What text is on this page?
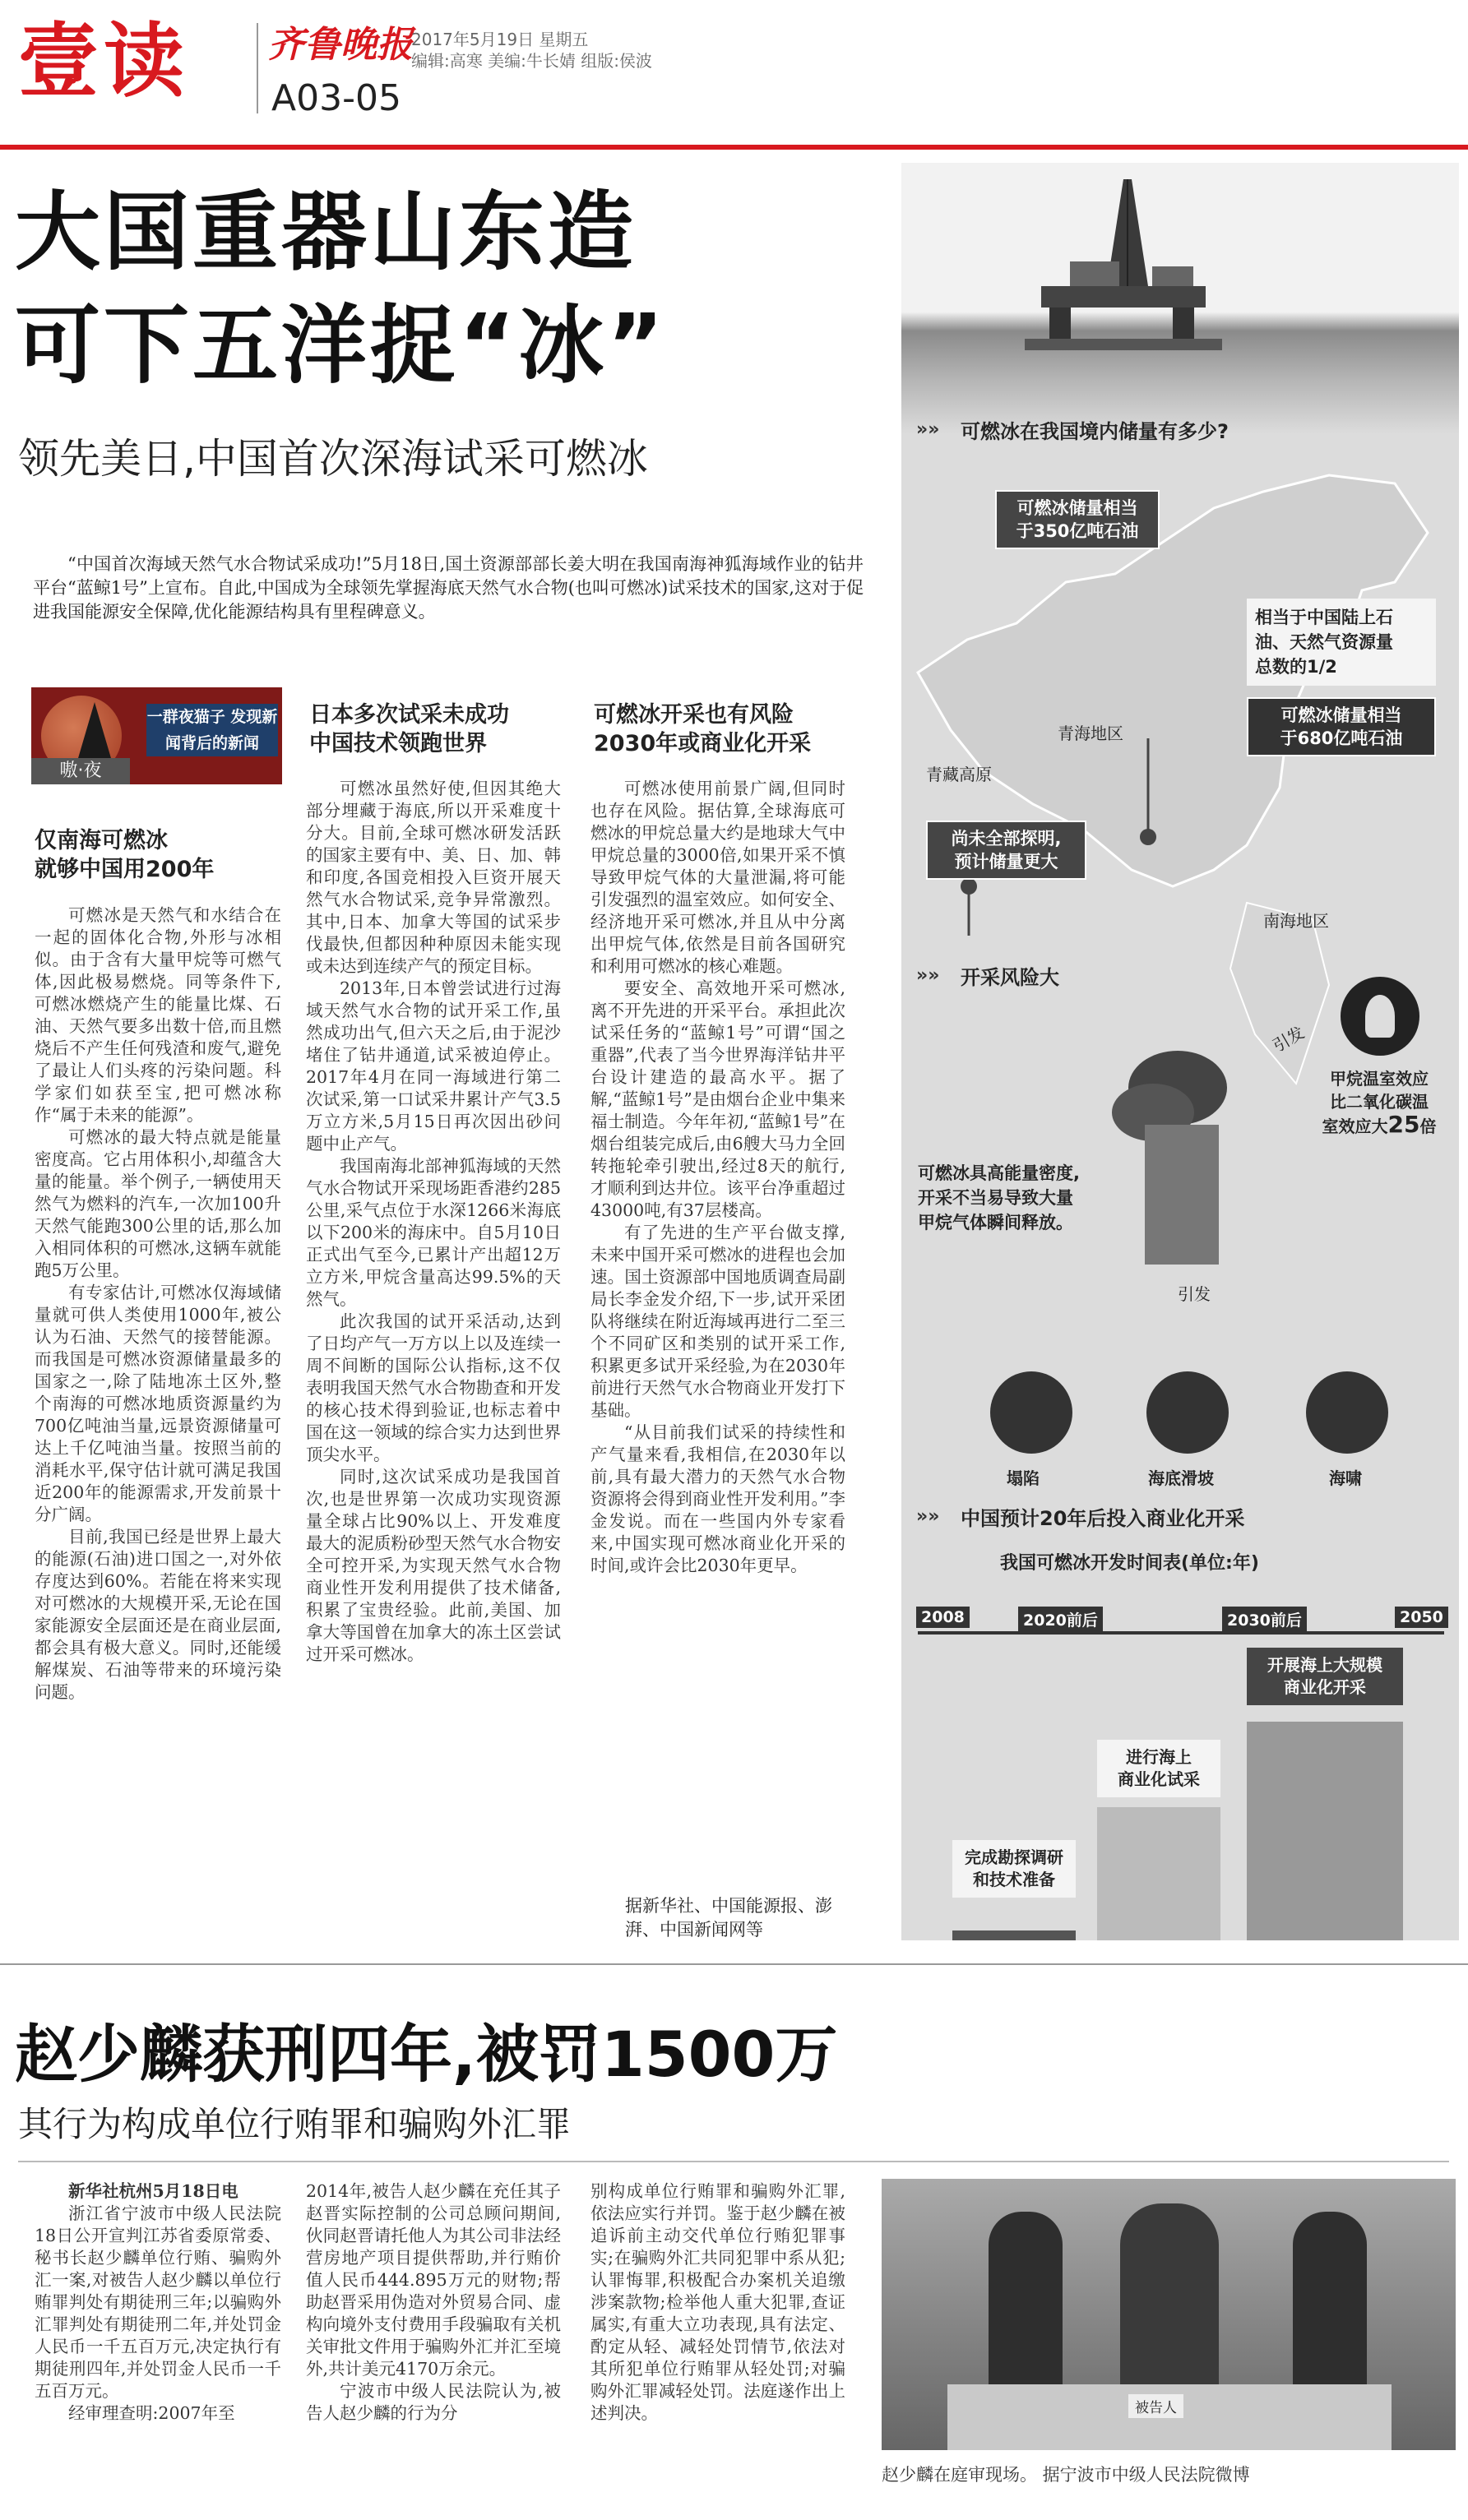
壹读 齐鲁晚报
A03-05
2017年5月19日 星期五
编辑:高寒 美编:牛长婧 组版:侯波
大国重器山东造
可下五洋捉“冰”
领先美日,中国首次深海试采可燃冰
“中国首次海域天然气水合物试采成功!”5月18日,国土资源部部长姜大明在我国南海神狐海域作业的钻井平台“蓝鲸1号”上宣布。自此,中国成为全球领先掌握海底天然气水合物(也叫可燃冰)试采技术的国家,这对于促进我国能源安全保障,优化能源结构具有里程碑意义。
一群夜猫子 发现新闻背后的新闻
嗷·夜
仅南海可燃冰
就够中国用200年
日本多次试采未成功
中国技术领跑世界
可燃冰开采也有风险
2030年或商业化开采

可燃冰是天然气和水结合在一起的固体化合物,外形与冰相似。由于含有大量甲烷等可燃气体,因此极易燃烧。同等条件下,可燃冰燃烧产生的能量比煤、石油、天然气要多出数十倍,而且燃烧后不产生任何残渣和废气,避免了最让人们头疼的污染问题。科学家们如获至宝,把可燃冰称作“属于未来的能源”。

可燃冰的最大特点就是能量密度高。它占用体积小,却蕴含大量的能量。举个例子,一辆使用天然气为燃料的汽车,一次加100升天然气能跑300公里的话,那么加入相同体积的可燃冰,这辆车就能跑5万公里。

有专家估计,可燃冰仅海域储量就可供人类使用1000年,被公认为石油、天然气的接替能源。而我国是可燃冰资源储量最多的国家之一,除了陆地冻土区外,整个南海的可燃冰地质资源量约为700亿吨油当量,远景资源储量可达上千亿吨油当量。按照当前的消耗水平,保守估计就可满足我国近200年的能源需求,开发前景十分广阔。

目前,我国已经是世界上最大的能源(石油)进口国之一,对外依存度达到60%。若能在将来实现对可燃冰的大规模开采,无论在国家能源安全层面还是在商业层面,都会具有极大意义。同时,还能缓解煤炭、石油等带来的环境污染问题。

可燃冰虽然好使,但因其绝大部分埋藏于海底,所以开采难度十分大。目前,全球可燃冰研发活跃的国家主要有中、美、日、加、韩和印度,各国竞相投入巨资开展天然气水合物试采,竞争异常激烈。其中,日本、加拿大等国的试采步伐最快,但都因种种原因未能实现或未达到连续产气的预定目标。

2013年,日本曾尝试进行过海域天然气水合物的试开采工作,虽然成功出气,但六天之后,由于泥沙堵住了钻井通道,试采被迫停止。2017年4月在同一海域进行第二次试采,第一口试采井累计产气3.5万立方米,5月15日再次因出砂问题中止产气。

我国南海北部神狐海域的天然气水合物试开采现场距香港约285公里,采气点位于水深1266米海底以下200米的海床中。自5月10日正式出气至今,已累计产出超12万立方米,甲烷含量高达99.5%的天然气。

此次我国的试开采活动,达到了日均产气一万方以上以及连续一周不间断的国际公认指标,这不仅表明我国天然气水合物勘查和开发的核心技术得到验证,也标志着中国在这一领域的综合实力达到世界顶尖水平。

同时,这次试采成功是我国首次,也是世界第一次成功实现资源量全球占比90%以上、开发难度最大的泥质粉砂型天然气水合物安全可控开采,为实现天然气水合物商业性开发利用提供了技术储备,积累了宝贵经验。此前,美国、加拿大等国曾在加拿大的冻土区尝试过开采可燃冰。

可燃冰使用前景广阔,但同时也存在风险。据估算,全球海底可燃冰的甲烷总量大约是地球大气中甲烷总量的3000倍,如果开采不慎导致甲烷气体的大量泄漏,将可能引发强烈的温室效应。如何安全、经济地开采可燃冰,并且从中分离出甲烷气体,依然是目前各国研究和利用可燃冰的核心难题。

要安全、高效地开采可燃冰,离不开先进的开采平台。承担此次试采任务的“蓝鲸1号”可谓“国之重器”,代表了当今世界海洋钻井平台设计建造的最高水平。据了解,“蓝鲸1号”是由烟台企业中集来福士制造。今年年初,“蓝鲸1号”在烟台组装完成后,由6艘大马力全回转拖轮牵引驶出,经过8天的航行,才顺利到达井位。该平台净重超过43000吨,有37层楼高。

有了先进的生产平台做支撑,未来中国开采可燃冰的进程也会加速。国土资源部中国地质调查局副局长李金发介绍,下一步,试开采团队将继续在附近海域再进行二至三个不同矿区和类别的试开采工作,积累更多试开采经验,为在2030年前进行天然气水合物商业开发打下基础。

“从目前我们试采的持续性和产气量来看,我相信,在2030年以前,具有最大潜力的天然气水合物资源将会得到商业性开发利用。”李金发说。而在一些国内外专家看来,中国实现可燃冰商业化开采的时间,或许会比2030年更早。

据新华社、中国能源报、澎湃、中国新闻网等
»»	可燃冰在我国境内储量有多少?
可燃冰储量相当
于350亿吨石油
相当于中国陆上石
油、天然气资源量
总数的1/2
可燃冰储量相当
于680亿吨石油
尚未全部探明,
预计储量更大
青海地区
青藏高原
南海地区
»»	开采风险大
引发
甲烷温室效应
比二氧化碳温
室效应大25倍
可燃冰具高能量密度,
开采不当易导致大量
甲烷气体瞬间释放。
引发
塌陷	海底滑坡	海啸
»»	中国预计20年后投入商业化开采
我国可燃冰开发时间表(单位:年)
2008	2020前后	2030前后	2050
完成勘探调研
和技术准备
进行海上
商业化试采
开展海上大规模
商业化开采
赵少麟获刑四年,被罚1500万
其行为构成单位行贿罪和骗购外汇罪
新华社杭州5月18日电

浙江省宁波市中级人民法院18日公开宣判江苏省委原常委、秘书长赵少麟单位行贿、骗购外汇一案,对被告人赵少麟以单位行贿罪判处有期徒刑三年;以骗购外汇罪判处有期徒刑二年,并处罚金人民币一千五百万元,决定执行有期徒刑四年,并处罚金人民币一千五百万元。

经审理查明:2007年至

2014年,被告人赵少麟在充任其子赵晋实际控制的公司总顾问期间,伙同赵晋请托他人为其公司非法经营房地产项目提供帮助,并行贿价值人民币444.895万元的财物;帮助赵晋采用伪造对外贸易合同、虚构向境外支付费用手段骗取有关机关审批文件用于骗购外汇并汇至境外,共计美元4170万余元。

宁波市中级人民法院认为,被告人赵少麟的行为分

别构成单位行贿罪和骗购外汇罪,依法应实行并罚。鉴于赵少麟在被追诉前主动交代单位行贿犯罪事实;在骗购外汇共同犯罪中系从犯;认罪悔罪,积极配合办案机关追缴涉案款物;检举他人重大犯罪,查证属实,有重大立功表现,具有法定、酌定从轻、减轻处罚情节,依法对其所犯单位行贿罪从轻处罚;对骗购外汇罪减轻处罚。法庭遂作出上述判决。	被告人
赵少麟在庭审现场。 据宁波市中级人民法院微博
